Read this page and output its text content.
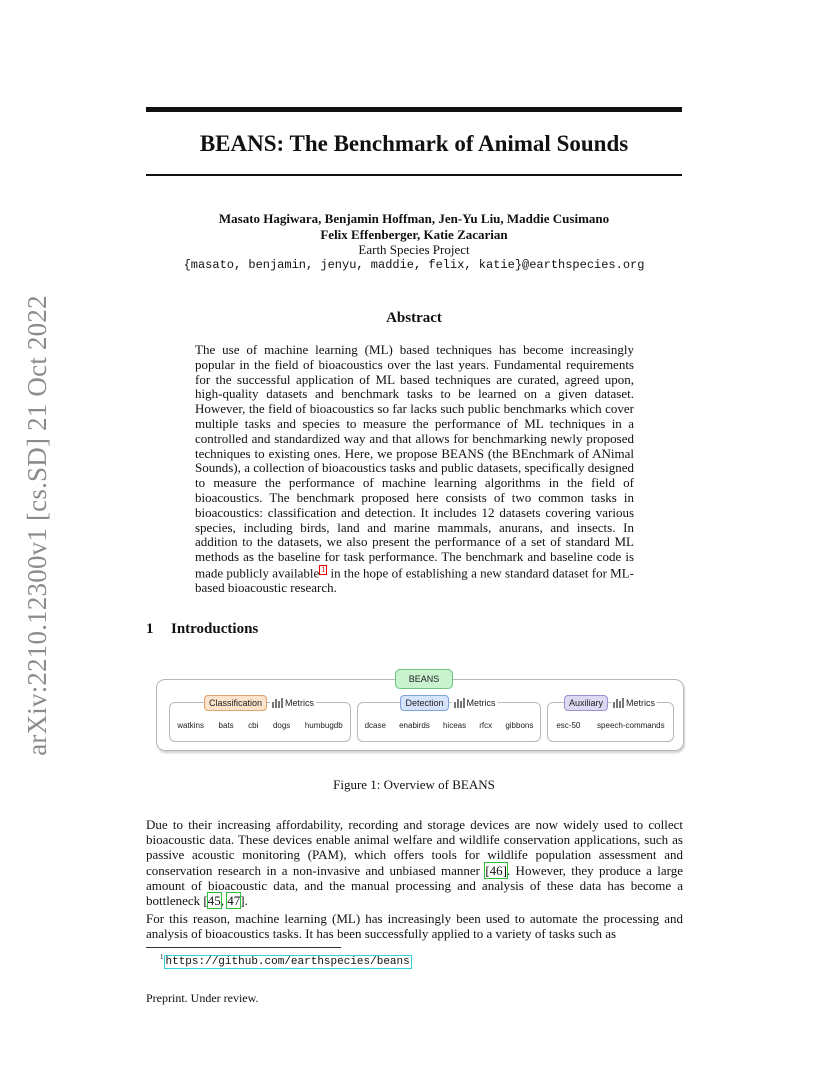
arXiv:2210.12300v1 [cs.SD] 21 Oct 2022
BEANS: The Benchmark of Animal Sounds
Masato Hagiwara, Benjamin Hoffman, Jen-Yu Liu, Maddie Cusimano
Felix Effenberger, Katie Zacarian
Earth Species Project
{masato, benjamin, jenyu, maddie, felix, katie}@earthspecies.org
Abstract
The use of machine learning (ML) based techniques has become increasingly popular in the field of bioacoustics over the last years. Fundamental requirements for the successful application of ML based techniques are curated, agreed upon, high-quality datasets and benchmark tasks to be learned on a given dataset. However, the field of bioacoustics so far lacks such public benchmarks which cover multiple tasks and species to measure the performance of ML techniques in a controlled and standardized way and that allows for benchmarking newly proposed techniques to existing ones. Here, we propose BEANS (the BEnchmark of ANimal Sounds), a collection of bioacoustics tasks and public datasets, specifically designed to measure the performance of machine learning algorithms in the field of bioacoustics. The benchmark proposed here consists of two common tasks in bioacoustics: classification and detection. It includes 12 datasets covering various species, including birds, land and marine mammals, anurans, and insects. In addition to the datasets, we also present the performance of a set of standard ML methods as the baseline for task performance. The benchmark and baseline code is made publicly available 1 in the hope of establishing a new standard dataset for ML-based bioacoustic research.
1 Introductions
BEANS
Classification	Metrics
watkins bats cbi dogs humbugdb
Detection	Metrics
dcase enabirds hiceas rfcx gibbons
Auxiliary	Metrics
esc-50 speech-commands
Figure 1: Overview of BEANS
Due to their increasing affordability, recording and storage devices are now widely used to collect bioacoustic data. These devices enable animal welfare and wildlife conservation applications, such as passive acoustic monitoring (PAM), which offers tools for wildlife population assessment and conservation research in a non-invasive and unbiased manner [46]. However, they produce a large amount of bioacoustic data, and the manual processing and analysis of these data has become a bottleneck [45, 47].
For this reason, machine learning (ML) has increasingly been used to automate the processing and analysis of bioacoustics tasks. It has been successfully applied to a variety of tasks such as
$^1$ https://github.com/earthspecies/beans
Preprint. Under review.
